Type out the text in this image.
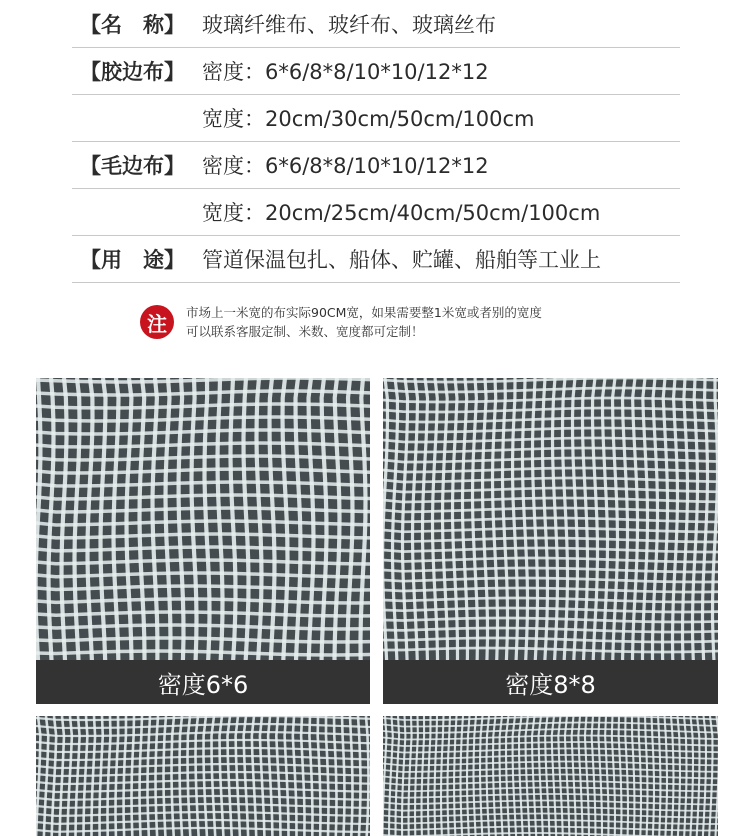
【名　称】 玻璃纤维布、玻纤布、玻璃丝布
【胶边布】 密度：6*6/8*8/10*10/12*12
宽度：20cm/30cm/50cm/100cm
【毛边布】 密度：6*6/8*8/10*10/12*12
宽度：20cm/25cm/40cm/50cm/100cm
【用　途】 管道保温包扎、船体、贮罐、船舶等工业上
注	市场上一米宽的布实际90CM宽，如果需要整1米宽或者别的宽度
可以联系客服定制、米数、宽度都可定制！
密度6*6	密度8*8
